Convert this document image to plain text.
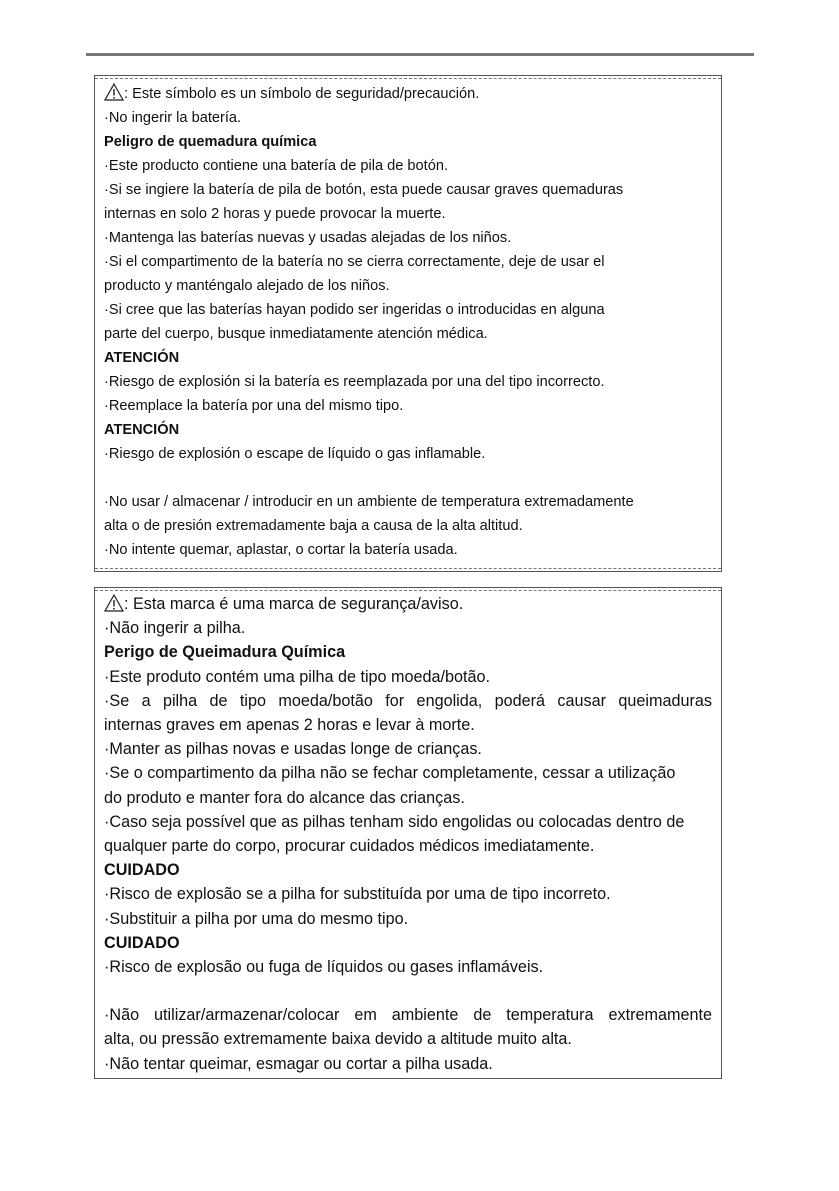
: Este símbolo es un símbolo de seguridad/precaución.
·No ingerir la batería.
Peligro de quemadura química
·Este producto contiene una batería de pila de botón.
·Si se ingiere la batería de pila de botón, esta puede causar graves quemaduras
internas en solo 2 horas y puede provocar la muerte.
·Mantenga las baterías nuevas y usadas alejadas de los niños.
·Si el compartimento de la batería no se cierra correctamente, deje de usar el
producto y manténgalo alejado de los niños.
·Si cree que las baterías hayan podido ser ingeridas o introducidas en alguna
parte del cuerpo, busque inmediatamente atención médica.
ATENCIÓN
·Riesgo de explosión si la batería es reemplazada por una del tipo incorrecto.
·Reemplace la batería por una del mismo tipo.
ATENCIÓN
·Riesgo de explosión o escape de líquido o gas inflamable.
·No usar / almacenar / introducir en un ambiente de temperatura extremadamente
alta o de presión extremadamente baja a causa de la alta altitud.
·No intente quemar, aplastar, o cortar la batería usada.
: Esta marca é uma marca de segurança/aviso.
·Não ingerir a pilha.
Perigo de Queimadura Química
·Este produto contém uma pilha de tipo moeda/botão.
·Se a pilha de tipo moeda/botão for engolida, poderá causar queimaduras
internas graves em apenas 2 horas e levar à morte.
·Manter as pilhas novas e usadas longe de crianças.
·Se o compartimento da pilha não se fechar completamente, cessar a utilização
do produto e manter fora do alcance das crianças.
·Caso seja possível que as pilhas tenham sido engolidas ou colocadas dentro de
qualquer parte do corpo, procurar cuidados médicos imediatamente.
CUIDADO
·Risco de explosão se a pilha for substituída por uma de tipo incorreto.
·Substituir a pilha por uma do mesmo tipo.
CUIDADO
·Risco de explosão ou fuga de líquidos ou gases inflamáveis.
·Não utilizar/armazenar/colocar em ambiente de temperatura extremamente
alta, ou pressão extremamente baixa devido a altitude muito alta.
·Não tentar queimar, esmagar ou cortar a pilha usada.
